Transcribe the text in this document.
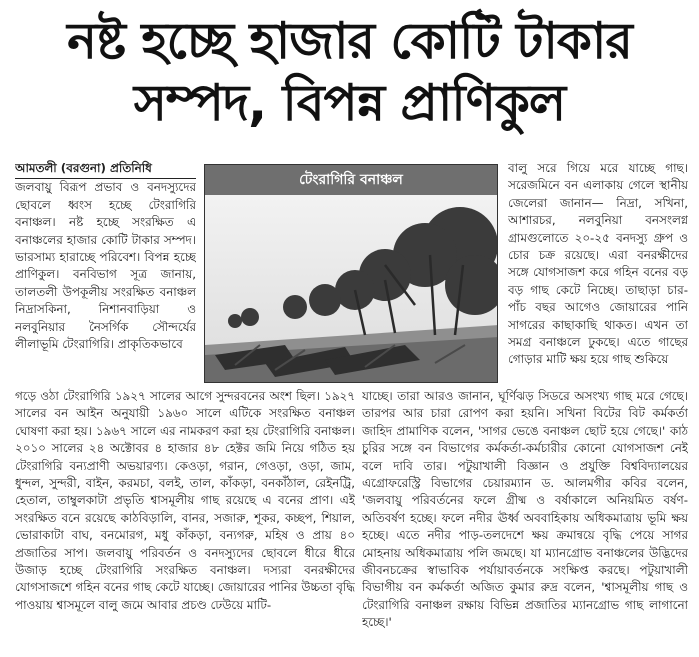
নষ্ট হচ্ছে হাজার কোটি টাকার
সম্পদ, বিপন্ন প্রাণিকুল

আমতলী (বরগুনা) প্রতিনিধি

জলবায়ু বিরূপ প্রভাব ও বনদস্যুদের ছোবলে ধ্বংস হচ্ছে টেংরাগিরি বনাঞ্চল। নষ্ট হচ্ছে সংরক্ষিত এ বনাঞ্চলের হাজার কোটি টাকার সম্পদ। ভারসাম্য হারাচ্ছে পরিবেশ। বিপন্ন হচ্ছে প্রাণিকুল। বনবিভাগ সূত্র জানায়, তালতলী উপকূলীয় সংরক্ষিত বনাঞ্চল নিদ্রাসকিনা, নিশানবাড়িয়া ও নলবুনিয়ার নৈসর্গিক সৌন্দর্যের লীলাভূমি টেংরাগিরি। প্রাকৃতিকভাবে

টেংরাগিরি বনাঞ্চল

বালু সরে গিয়ে মরে যাচ্ছে গাছ। সরেজমিনে বন এলাকায় গেলে স্থানীয় জেলেরা জানান— নিদ্রা, সখিনা, আশারচর, নলবুনিয়া বনসংলগ্ন গ্রামগুলোতে ২০-২৫ বনদস্যু গ্রুপ ও চোর চক্র রয়েছে। এরা বনরক্ষীদের সঙ্গে যোগসাজশ করে গহিন বনের বড় বড় গাছ কেটে নিচ্ছে। তাছাড়া চার-পাঁচ বছর আগেও জোয়ারের পানি সাগরের কাছাকাছি থাকত। এখন তা সমগ্র বনাঞ্চলে ঢুকছে। এতে গাছের গোড়ার মাটি ক্ষয় হয়ে গাছ শুকিয়ে

গড়ে ওঠা টেংরাগিরি ১৯২৭ সালের আগে সুন্দরবনের অংশ ছিল। ১৯২৭ সালের বন আইন অনুযায়ী ১৯৬০ সালে এটিকে সংরক্ষিত বনাঞ্চল ঘোষণা করা হয়। ১৯৬৭ সালে এর নামকরণ করা হয় টেংরাগিরি বনাঞ্চল। ২০১০ সালের ২৪ অক্টোবর ৪ হাজার ৪৮ হেক্টর জমি নিয়ে গঠিত হয় টেংরাগিরি বন্যপ্রাণী অভয়ারণ্য। কেওড়া, গরান, গেওড়া, ওড়া, জাম, ধুন্দল, সুন্দরী, বাইন, করমচা, বলই, তাল, কাঁকড়া, বনকাঁঠাল, রেইনট্রি, হেতাল, তাম্বুলকাটা প্রভৃতি শ্বাসমূলীয় গাছ রয়েছে এ বনের প্রাণ। এই সংরক্ষিত বনে রয়েছে কাঠবিড়ালি, বানর, সজারু, শূকর, কচ্ছপ, শিয়াল, ভোরাকাটা বাঘ, বনমোরগ, মধু কাঁকড়া, বন্যগরু, মহিষ ও প্রায় ৪০ প্রজাতির সাপ। জলবায়ু পরিবর্তন ও বনদস্যুদের ছোবলে ধীরে ধীরে উজাড় হচ্ছে টেংরাগিরি সংরক্ষিত বনাঞ্চল। দস্যরা বনরক্ষীদের যোগসাজশে গহিন বনের গাছ কেটে যাচ্ছে। জোয়ারের পানির উচ্চতা বৃদ্ধি পাওয়ায় শ্বাসমূলে বালু জমে আবার প্রচণ্ড ঢেউয়ে মাটি-

যাচ্ছে। তারা আরও জানান, ঘূর্ণিঝড় সিডরে অসংখ্য গাছ মরে গেছে। তারপর আর চারা রোপণ করা হয়নি। সখিনা বিটের বিট কর্মকর্তা জাহিদ প্রামাণিক বলেন, 'সাগর ভেঙে বনাঞ্চল ছোট হয়ে গেছে।' কাঠ চুরির সঙ্গে বন বিভাগের কর্মকর্তা-কর্মচারীর কোনো যোগসাজশ নেই বলে দাবি তার। পটুয়াখালী বিজ্ঞান ও প্রযুক্তি বিশ্ববিদ্যালয়ের এগ্রোফরেস্ট্রি বিভাগের চেয়ারম্যান ড. আলমগীর কবির বলেন, 'জলবায়ু পরিবর্তনের ফলে গ্রীষ্ম ও বর্ষাকালে অনিয়মিত বর্ষণ-অতিবর্ষণ হচ্ছে। ফলে নদীর ঊর্ধ্ব অববাহিকায় অধিকমাত্রায় ভূমি ক্ষয় হচ্ছে। এতে নদীর পাড়-তলদেশে ক্ষয় ক্রমান্বয়ে বৃদ্ধি পেয়ে সাগর মোহনায় অধিকমাত্রায় পলি জমছে। যা ম্যানগ্রোভ বনাঞ্চলের উদ্ভিদের জীবনচক্রের স্বাভাবিক পর্যায়াবর্তনকে সংক্ষিপ্ত করছে। পটুয়াখালী বিভাগীয় বন কর্মকর্তা অজিত কুমার রুদ্র বলেন, 'শ্বাসমূলীয় গাছ ও টেংরাগিরি বনাঞ্চল রক্ষায় বিভিন্ন প্রজাতির ম্যানগ্রোভ গাছ লাগানো হচ্ছে।'
